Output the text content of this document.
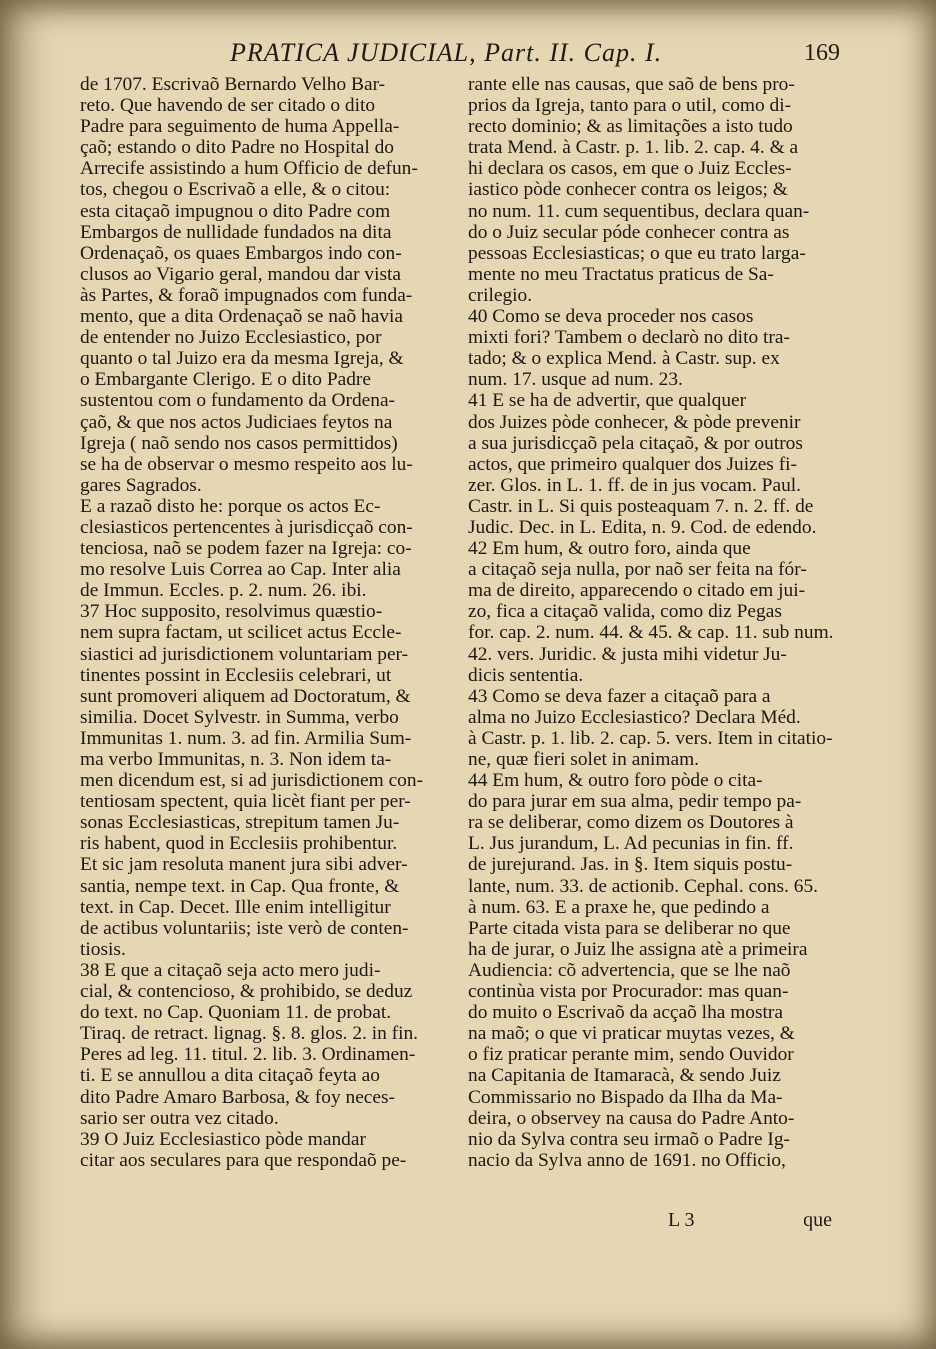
PRATICA JUDICIAL, Part. II. Cap. I.	169
de 1707. Escrivaõ Bernardo Velho Bar-
reto. Que havendo de ser citado o dito
Padre para seguimento de huma Appella-
çaõ; estando o dito Padre no Hospital do
Arrecife assistindo a hum Officio de defun-
tos, chegou o Escrivaõ a elle, & o citou:
esta citaçaõ impugnou o dito Padre com
Embargos de nullidade fundados na dita
Ordenaçaõ, os quaes Embargos indo con-
clusos ao Vigario geral, mandou dar vista
às Partes, & foraõ impugnados com funda-
mento, que a dita Ordenaçaõ se naõ havia
de entender no Juizo Ecclesiastico, por
quanto o tal Juizo era da mesma Igreja, &
o Embargante Clerigo. E o dito Padre
sustentou com o fundamento da Ordena-
çaõ, & que nos actos Judiciaes feytos na
Igreja ( naõ sendo nos casos permittidos)
se ha de observar o mesmo respeito aos lu-
gares Sagrados.
E a razaõ disto he: porque os actos Ec-
clesiasticos pertencentes à jurisdicçaõ con-
tenciosa, naõ se podem fazer na Igreja: co-
mo resolve Luis Correa ao Cap. Inter alia
de Immun. Eccles. p. 2. num. 26. ibi.
37 Hoc supposito, resolvimus quæstio-
nem supra factam, ut scilicet actus Eccle-
siastici ad jurisdictionem voluntariam per-
tinentes possint in Ecclesiis celebrari, ut
sunt promoveri aliquem ad Doctoratum, &
similia. Docet Sylvestr. in Summa, verbo
Immunitas 1. num. 3. ad fin. Armilia Sum-
ma verbo Immunitas, n. 3. Non idem ta-
men dicendum est, si ad jurisdictionem con-
tentiosam spectent, quia licèt fiant per per-
sonas Ecclesiasticas, strepitum tamen Ju-
ris habent, quod in Ecclesiis prohibentur.
Et sic jam resoluta manent jura sibi adver-
santia, nempe text. in Cap. Qua fronte, &
text. in Cap. Decet. Ille enim intelligitur
de actibus voluntariis; iste verò de conten-
tiosis.
38 E que a citaçaõ seja acto mero judi-
cial, & contencioso, & prohibido, se deduz
do text. no Cap. Quoniam 11. de probat.
Tiraq. de retract. lignag. §. 8. glos. 2. in fin.
Peres ad leg. 11. titul. 2. lib. 3. Ordinamen-
ti. E se annullou a dita citaçaõ feyta ao
dito Padre Amaro Barbosa, & foy neces-
sario ser outra vez citado.
39 O Juiz Ecclesiastico pòde mandar
citar aos seculares para que respondaõ pe-
rante elle nas causas, que saõ de bens pro-
prios da Igreja, tanto para o util, como di-
recto dominio; & as limitações a isto tudo
trata Mend. à Castr. p. 1. lib. 2. cap. 4. & a
hi declara os casos, em que o Juiz Eccles-
iastico pòde conhecer contra os leigos; &
no num. 11. cum sequentibus, declara quan-
do o Juiz secular póde conhecer contra as
pessoas Ecclesiasticas; o que eu trato larga-
mente no meu Tractatus praticus de Sa-
crilegio.
40 Como se deva proceder nos casos
mixti fori? Tambem o declarò no dito tra-
tado; & o explica Mend. à Castr. sup. ex
num. 17. usque ad num. 23.
41 E se ha de advertir, que qualquer
dos Juizes pòde conhecer, & pòde prevenir
a sua jurisdicçaõ pela citaçaõ, & por outros
actos, que primeiro qualquer dos Juizes fi-
zer. Glos. in L. 1. ff. de in jus vocam. Paul.
Castr. in L. Si quis posteaquam 7. n. 2. ff. de
Judic. Dec. in L. Edita, n. 9. Cod. de edendo.
42 Em hum, & outro foro, ainda que
a citaçaõ seja nulla, por naõ ser feita na fór-
ma de direito, apparecendo o citado em jui-
zo, fica a citaçaõ valida, como diz Pegas
for. cap. 2. num. 44. & 45. & cap. 11. sub num.
42. vers. Juridic. & justa mihi videtur Ju-
dicis sententia.
43 Como se deva fazer a citaçaõ para a
alma no Juizo Ecclesiastico? Declara Méd.
à Castr. p. 1. lib. 2. cap. 5. vers. Item in citatio-
ne, quæ fieri solet in animam.
44 Em hum, & outro foro pòde o cita-
do para jurar em sua alma, pedir tempo pa-
ra se deliberar, como dizem os Doutores à
L. Jus jurandum, L. Ad pecunias in fin. ff.
de jurejurand. Jas. in §. Item siquis postu-
lante, num. 33. de actionib. Cephal. cons. 65.
à num. 63. E a praxe he, que pedindo a
Parte citada vista para se deliberar no que
ha de jurar, o Juiz lhe assigna atè a primeira
Audiencia: cõ advertencia, que se lhe naõ
continùa vista por Procurador: mas quan-
do muito o Escrivaõ da acçaõ lha mostra
na maõ; o que vi praticar muytas vezes, &
o fiz praticar perante mim, sendo Ouvidor
na Capitania de Itamaracà, & sendo Juiz
Commissario no Bispado da Ilha da Ma-
deira, o observey na causa do Padre Anto-
nio da Sylva contra seu irmaõ o Padre Ig-
nacio da Sylva anno de 1691. no Officio,
L 3	que
